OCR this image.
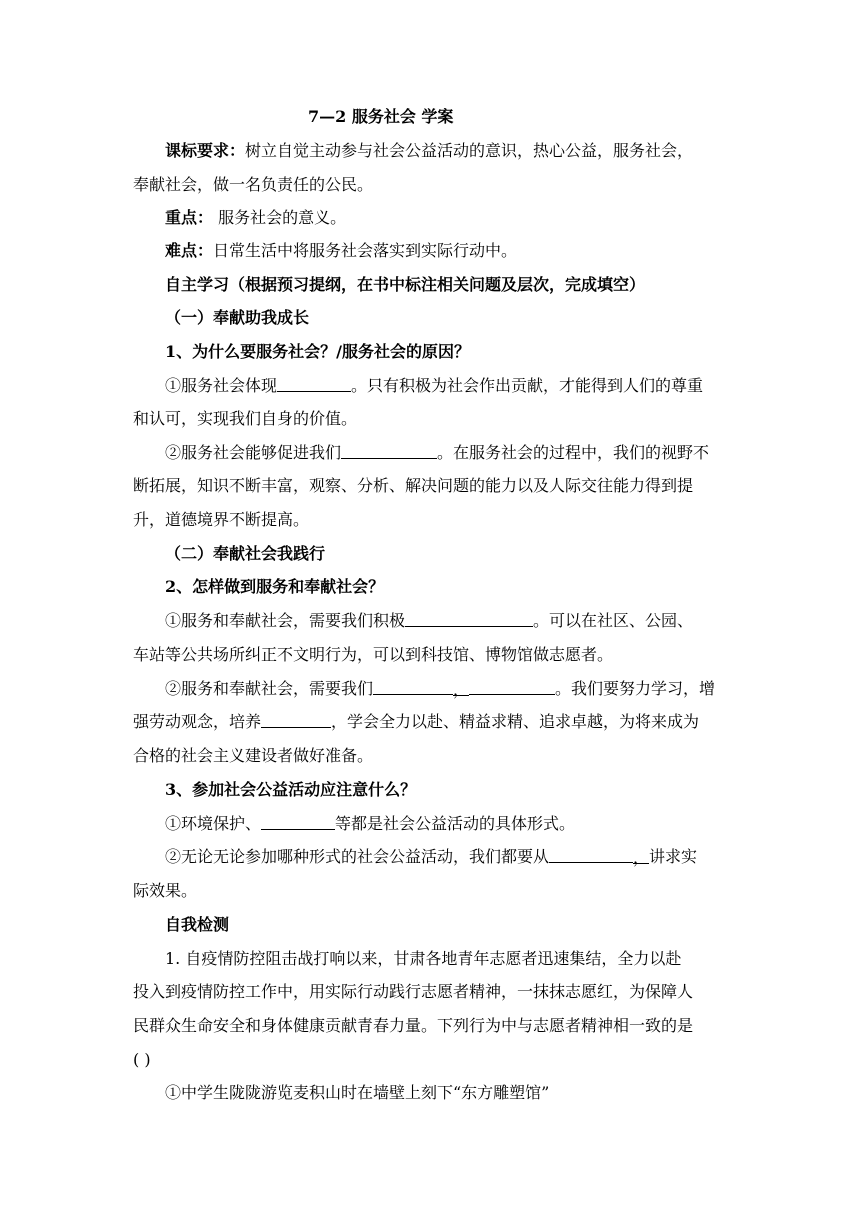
7—2 服务社会 学案
课标要求：树立自觉主动参与社会公益活动的意识，热心公益，服务社会，
奉献社会，做一名负责任的公民。
重点： 服务社会的意义。
难点：日常生活中将服务社会落实到实际行动中。
自主学习（根据预习提纲，在书中标注相关问题及层次，完成填空）
（一）奉献助我成长
1、为什么要服务社会？/服务社会的原因？
①服务社会体现	。只有积极为社会作出贡献，才能得到人们的尊重
和认可，实现我们自身的价值。
②服务社会能够促进我们	。在服务社会的过程中，我们的视野不
断拓展，知识不断丰富，观察、分析、解决问题的能力以及人际交往能力得到提
升，道德境界不断提高。
（二）奉献社会我践行
2、怎样做到服务和奉献社会？
①服务和奉献社会，需要我们积极	。可以在社区、公园、
车站等公共场所纠正不文明行为，可以到科技馆、博物馆做志愿者。
②服务和奉献社会，需要我们	，	。我们要努力学习，增
强劳动观念，培养	，学会全力以赴、精益求精、追求卓越，为将来成为
合格的社会主义建设者做好准备。
3、参加社会公益活动应注意什么？
①环境保护、	等都是社会公益活动的具体形式。
②无论无论参加哪种形式的社会公益活动，我们都要从	，讲求实
际效果。
自我检测
1. 自疫情防控阻击战打响以来，甘肃各地青年志愿者迅速集结，全力以赴
投入到疫情防控工作中，用实际行动践行志愿者精神，一抹抹志愿红，为保障人
民群众生命安全和身体健康贡献青春力量。下列行为中与志愿者精神相一致的是
( )
①中学生陇陇游览麦积山时在墙壁上刻下“东方雕塑馆”
